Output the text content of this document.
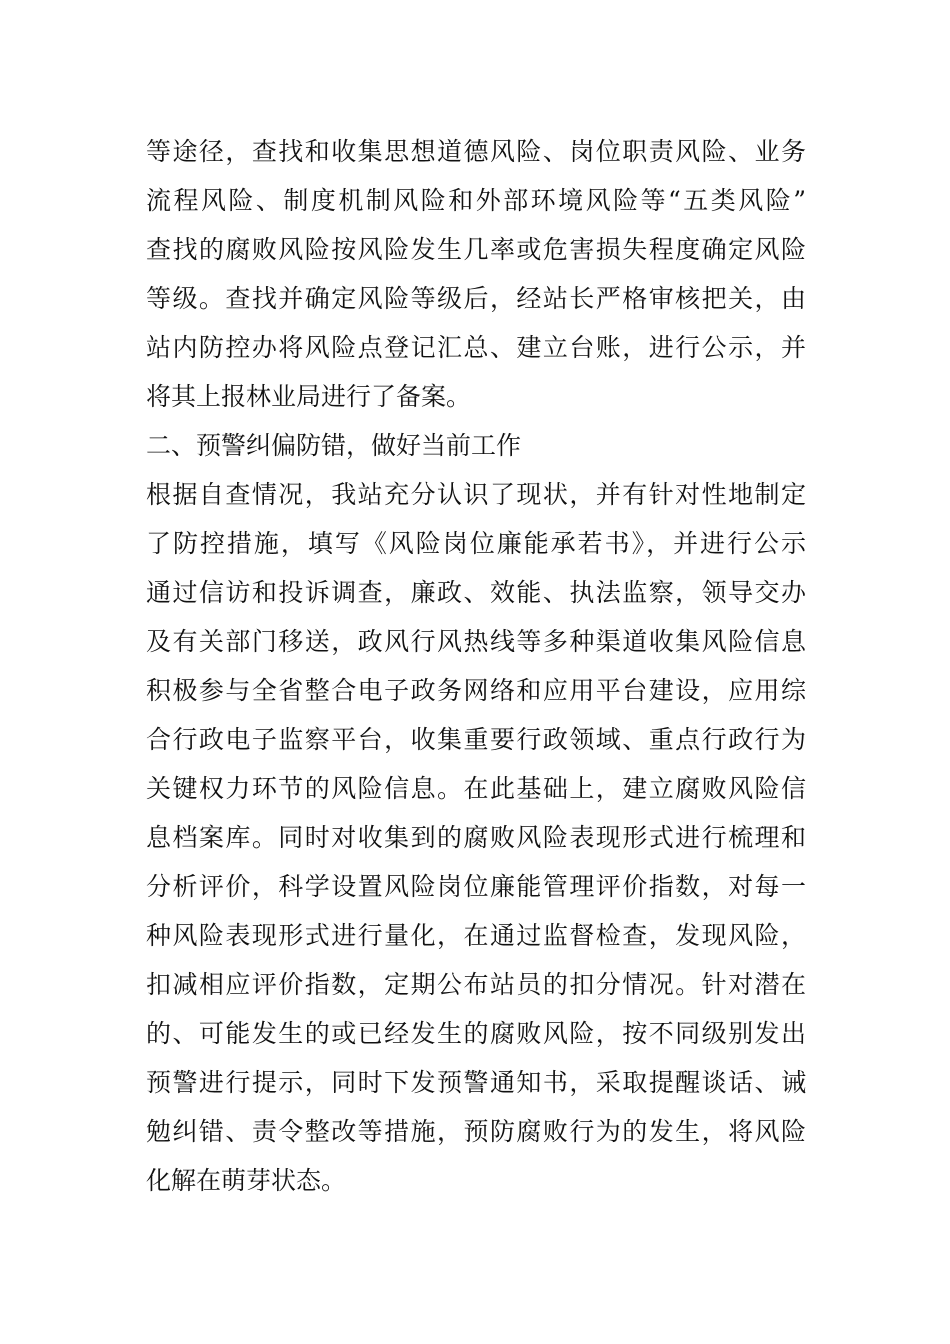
等途径，查找和收集思想道德风险、岗位职责风险、业务
流程风险、制度机制风险和外部环境风险等“五类风险”
查找的腐败风险按风险发生几率或危害损失程度确定风险
等级。查找并确定风险等级后，经站长严格审核把关，由
站内防控办将风险点登记汇总、建立台账，进行公示，并
将其上报林业局进行了备案。
二、预警纠偏防错，做好当前工作
根据自查情况，我站充分认识了现状，并有针对性地制定
了防控措施，填写《风险岗位廉能承若书》，并进行公示
通过信访和投诉调查，廉政、效能、执法监察，领导交办
及有关部门移送，政风行风热线等多种渠道收集风险信息
积极参与全省整合电子政务网络和应用平台建设，应用综
合行政电子监察平台，收集重要行政领域、重点行政行为
关键权力环节的风险信息。在此基础上，建立腐败风险信
息档案库。同时对收集到的腐败风险表现形式进行梳理和
分析评价，科学设置风险岗位廉能管理评价指数，对每一
种风险表现形式进行量化，在通过监督检查，发现风险，
扣减相应评价指数，定期公布站员的扣分情况。针对潜在
的、可能发生的或已经发生的腐败风险，按不同级别发出
预警进行提示，同时下发预警通知书，采取提醒谈话、诫
勉纠错、责令整改等措施，预防腐败行为的发生，将风险
化解在萌芽状态。
